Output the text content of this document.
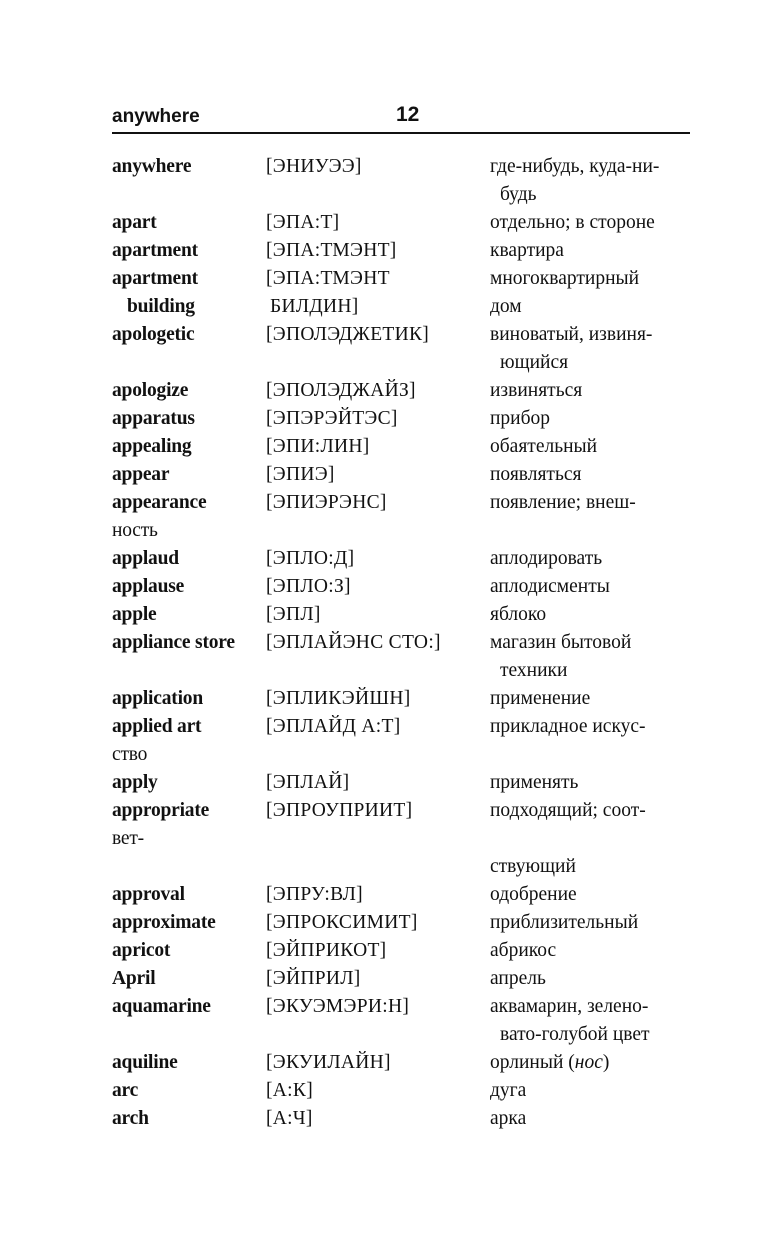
anywhere	12
anywhere	[ЭНИУЭЭ]	где-нибудь, куда-ни-
будь
apart	[ЭПА:Т]	отдельно; в стороне
apartment	[ЭПА:ТМЭНТ]	квартира
apartment	[ЭПА:ТМЭНТ	многоквартирный
building	БИЛДИН]	дом
apologetic	[ЭПОЛЭДЖЕТИК]	виноватый, извиня-
ющийся
apologize	[ЭПОЛЭДЖАЙЗ]	извиняться
apparatus	[ЭПЭРЭЙТЭС]	прибор
appealing	[ЭПИ:ЛИН]	обаятельный
appear	[ЭПИЭ]	появляться
appearance	[ЭПИЭРЭНС]	появление; внеш-
ность
applaud	[ЭПЛО:Д]	аплодировать
applause	[ЭПЛО:З]	аплодисменты
apple	[ЭПЛ]	яблоко
appliance store [ЭПЛАЙЭНС СТО:]	магазин бытовой
техники
application	[ЭПЛИКЭЙШН]	применение
applied art	[ЭПЛАЙД А:Т]	прикладное искус-
ство
apply	[ЭПЛАЙ]	применять
appropriate	[ЭПРОУПРИИТ]	подходящий; соот-
вет-
ствующий
approval	[ЭПРУ:ВЛ]	одобрение
approximate	[ЭПРОКСИМИТ]	приблизительный
apricot	[ЭЙПРИКОТ]	абрикос
April	[ЭЙПРИЛ]	апрель
aquamarine	[ЭКУЭМЭРИ:Н]	аквамарин, зелено-
вато-голубой цвет
aquiline	[ЭКУИЛАЙН]	орлиный (нос)
arc	[А:К]	дуга
arch	[А:Ч]	арка
